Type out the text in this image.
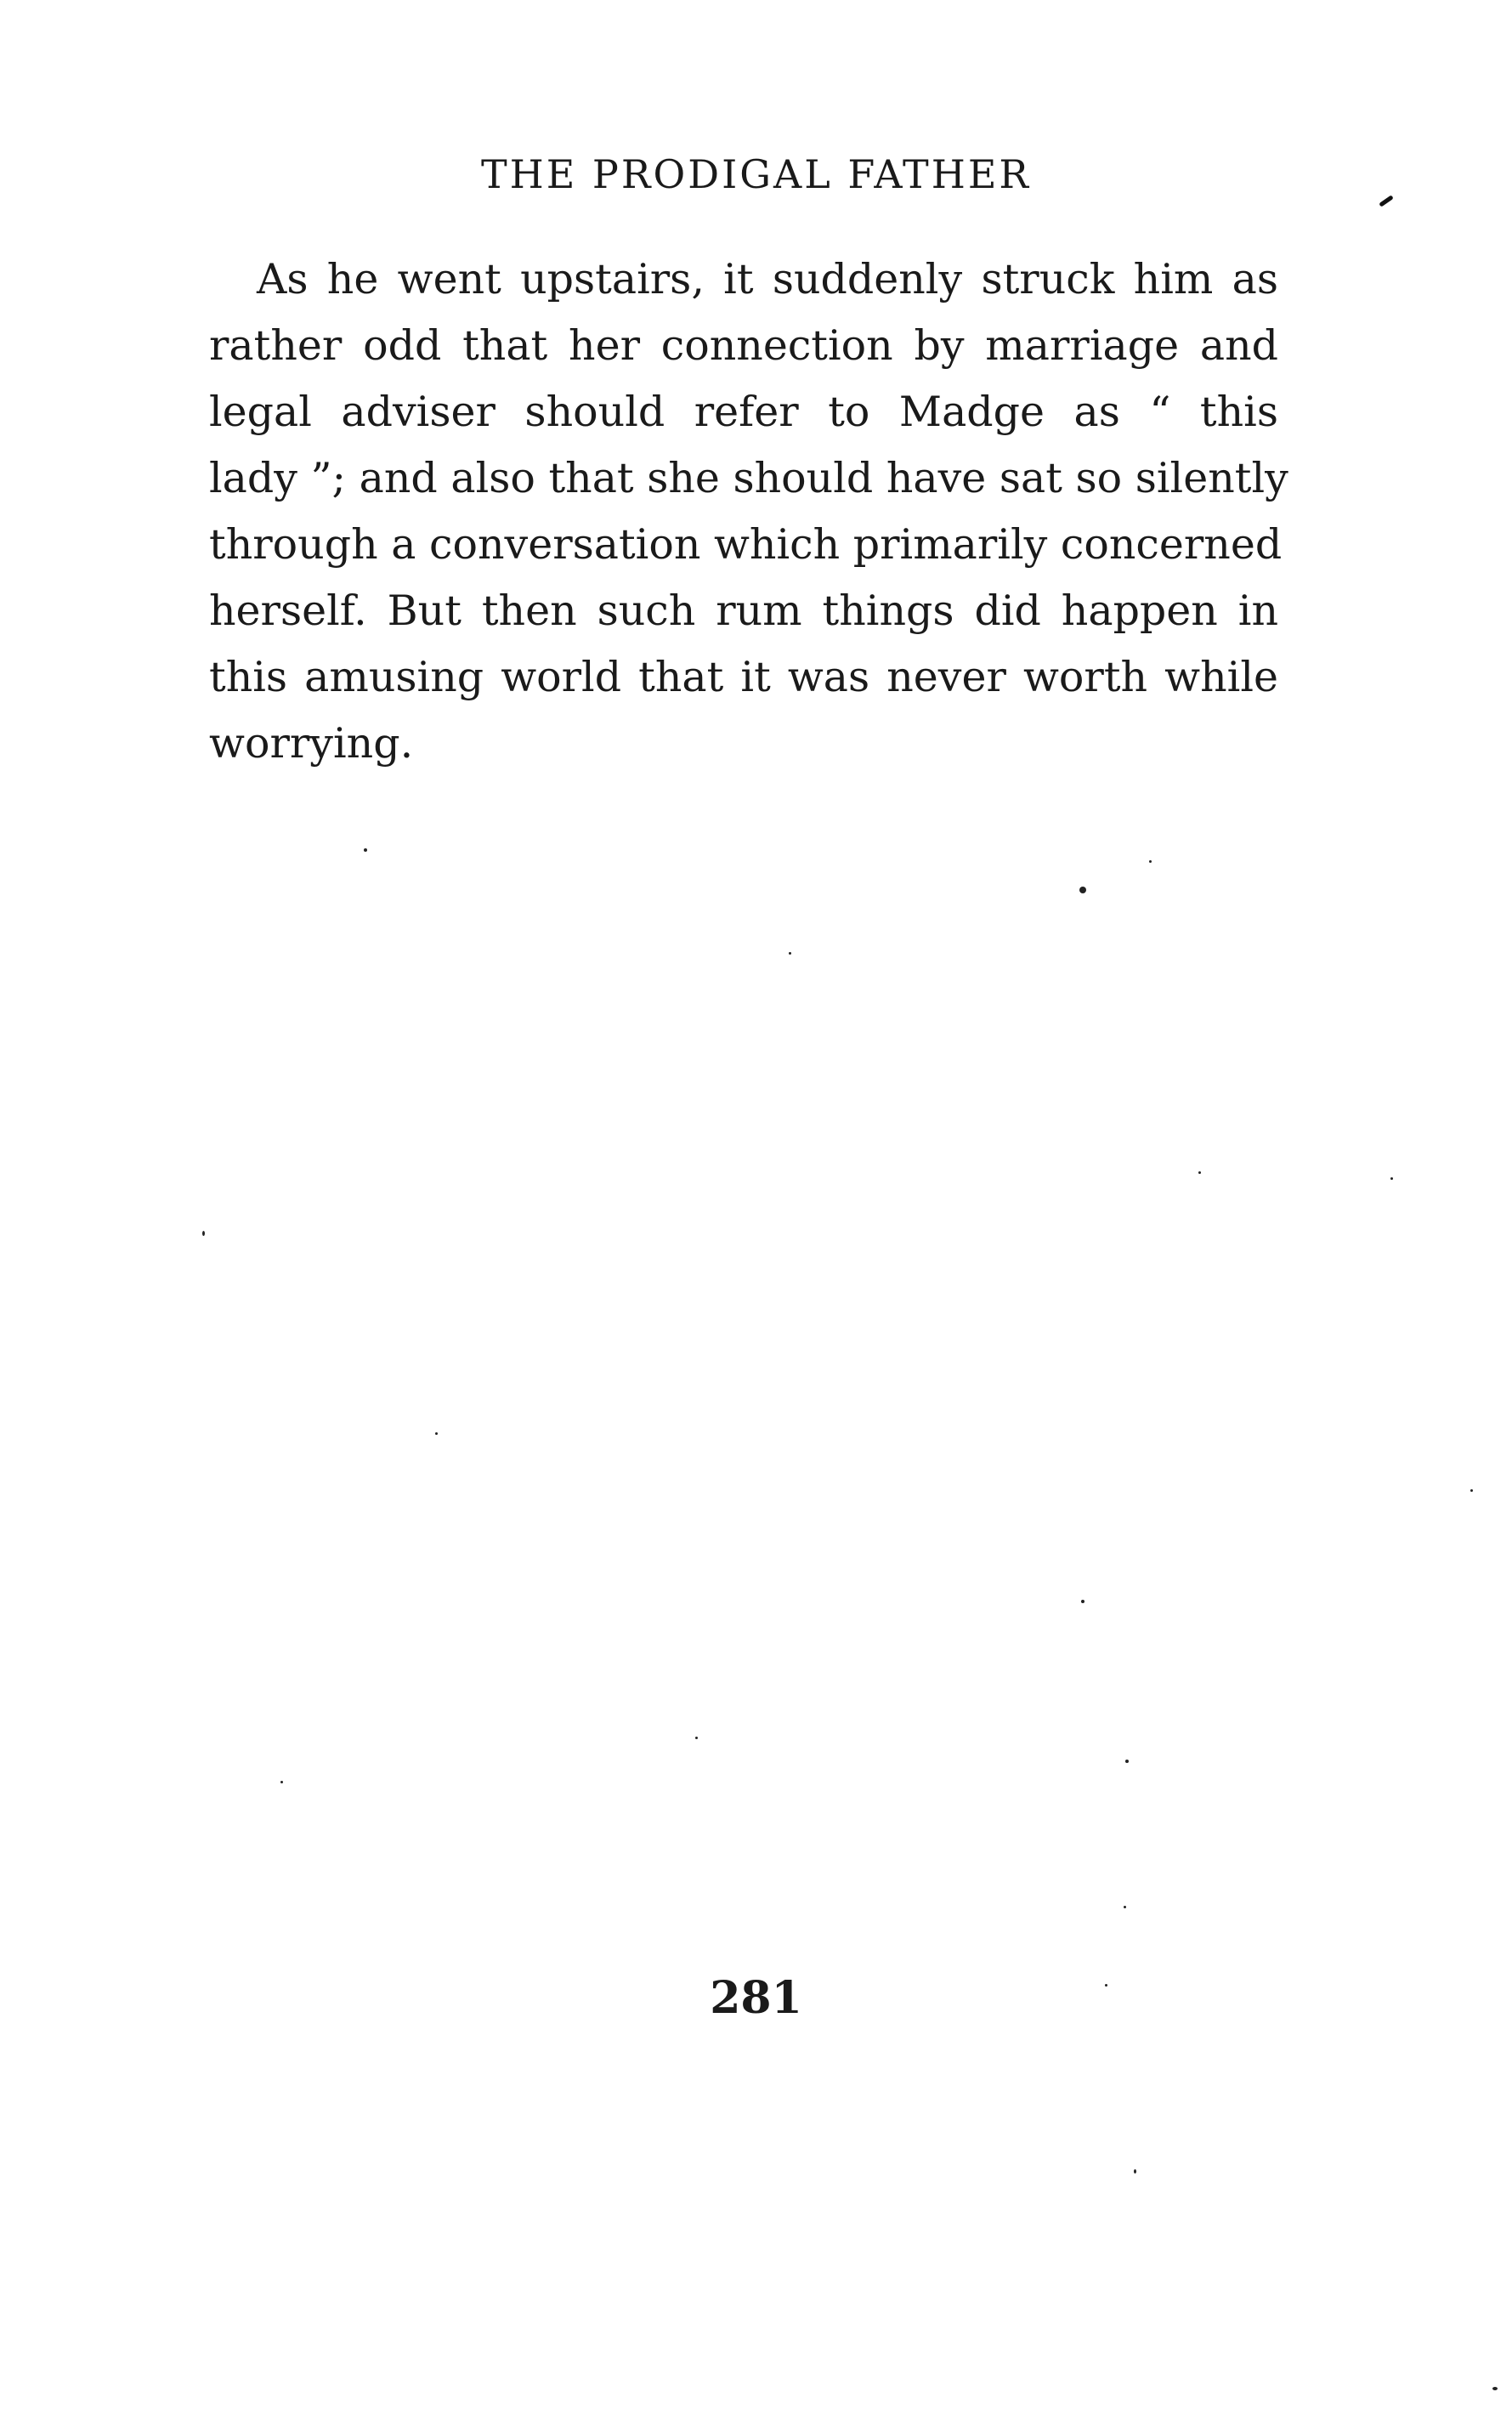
THE PRODIGAL FATHER

As he went upstairs, it suddenly struck him as
rather odd that her connection by marriage and
legal adviser should refer to Madge as “ this
lady ”; and also that she should have sat so silently
through a conversation which primarily concerned
herself. But then such rum things did happen in
this amusing world that it was never worth while
worrying.

281
